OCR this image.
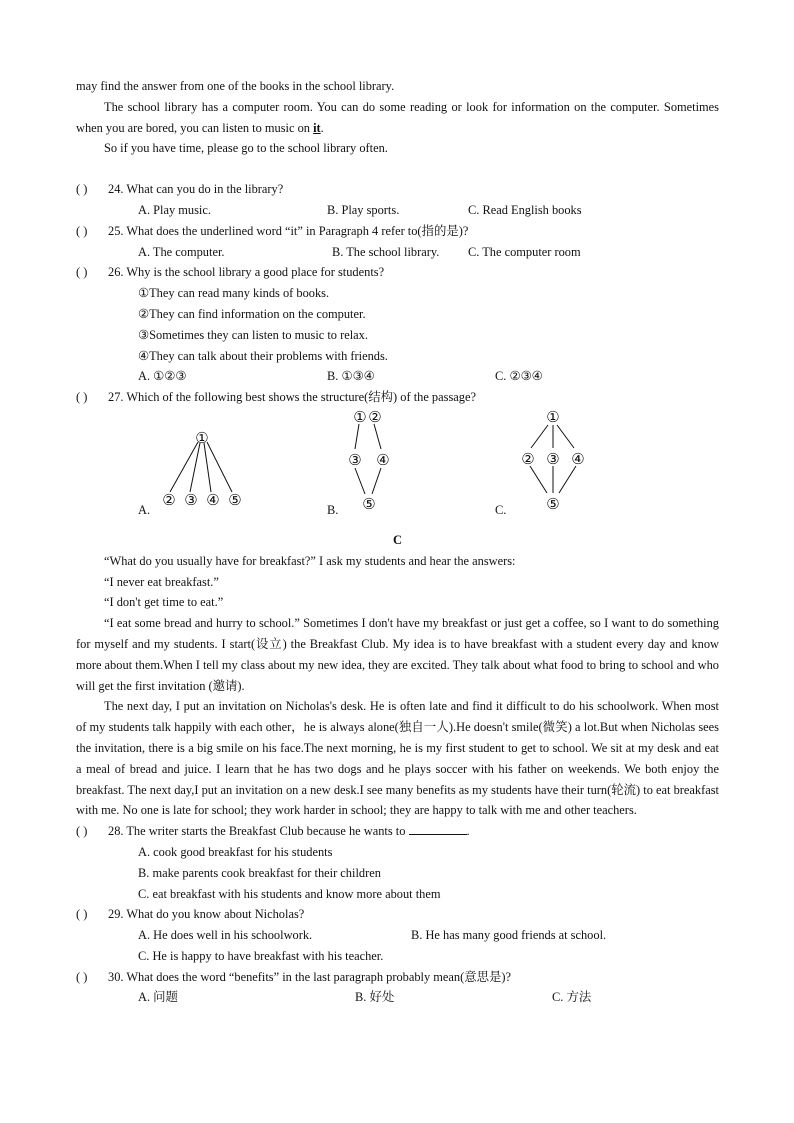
may find the answer from one of the books in the school library.

The school library has a computer room. You can do some reading or look for information on the computer. Sometimes when you are bored, you can listen to music on it.

So if you have time, please go to the school library often.

( ) 24. What can you do in the library?

A. Play music.	B. Play sports.	C. Read English books

( ) 25. What does the underlined word “it” in Paragraph 4 refer to(指的是)?

A. The computer.	B. The school library. C. The computer room

( ) 26. Why is the school library a good place for students?

①They can read many kinds of books.

②They can find information on the computer.

③Sometimes they can listen to music to relax.

④They can talk about their problems with friends.

A. ①②③	B. ①③④	C. ②③④

( ) 27. Which of the following best shows the structure(结构) of the passage?

①
② ③ ④ ⑤
A.
① ②
③ ④
⑤
B.
①
② ③ ④
⑤
C.

C

“What do you usually have for breakfast?” I ask my students and hear the answers:

“I never eat breakfast.”

“I don't get time to eat.”

“I eat some bread and hurry to school.” Sometimes I don't have my breakfast or just get a coffee, so I want to do something for myself and my students. I start(设立) the Breakfast Club. My idea is to have breakfast with a student every day and know more about them.When I tell my class about my new idea, they are excited. They talk about what food to bring to school and who will get the first invitation (邀请).

The next day, I put an invitation on Nicholas's desk. He is often late and find it difficult to do his schoolwork. When most of my students talk happily with each other，he is always alone(独自一人).He doesn't smile(微笑) a lot.But when Nicholas sees the invitation, there is a big smile on his face.The next morning, he is my first student to get to school. We sit at my desk and eat a meal of bread and juice. I learn that he has two dogs and he plays soccer with his father on weekends. We both enjoy the breakfast. The next day,I put an invitation on a new desk.I see many benefits as my students have their turn(轮流) to eat breakfast with me. No one is late for school; they work harder in school; they are happy to talk with me and other teachers.

( ) 28. The writer starts the Breakfast Club because he wants to	.

A. cook good breakfast for his students

B. make parents cook breakfast for their children

C. eat breakfast with his students and know more about them

( ) 29. What do you know about Nicholas?

A. He does well in his schoolwork.	B. He has many good friends at school.

C. He is happy to have breakfast with his teacher.

( ) 30. What does the word “benefits” in the last paragraph probably mean(意思是)?

A. 问题	B. 好处	C. 方法
